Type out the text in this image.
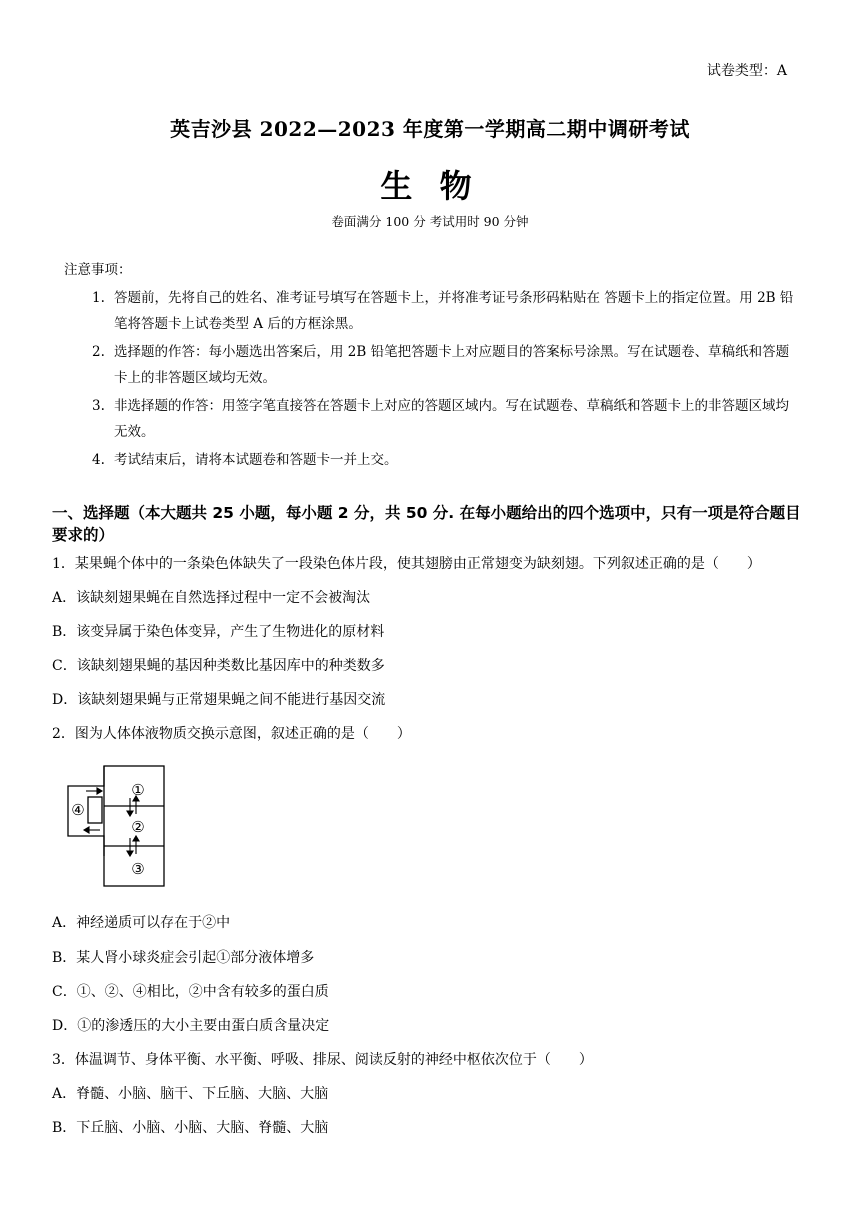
试卷类型：A
英吉沙县 2022—2023 年度第一学期高二期中调研考试
生 物
卷面满分 100 分 考试用时 90 分钟
注意事项：
1. 答题前，先将自己的姓名、准考证号填写在答题卡上，并将准考证号条形码粘贴在 答题卡上的指定位置。用 2B 铅笔将答题卡上试卷类型 A 后的方框涂黑。
2. 选择题的作答：每小题选出答案后，用 2B 铅笔把答题卡上对应题目的答案标号涂黑。写在试题卷、草稿纸和答题卡上的非答题区域均无效。
3. 非选择题的作答：用签字笔直接答在答题卡上对应的答题区域内。写在试题卷、草稿纸和答题卡上的非答题区域均无效。
4. 考试结束后，请将本试题卷和答题卡一并上交。
一、选择题（本大题共 25 小题，每小题 2 分，共 50 分. 在每小题给出的四个选项中，只有一项是符合题目要求的）
1．某果蝇个体中的一条染色体缺失了一段染色体片段，使其翅膀由正常翅变为缺刻翅。下列叙述正确的是（　　）
A．该缺刻翅果蝇在自然选择过程中一定不会被淘汰
B．该变异属于染色体变异，产生了生物进化的原材料
C．该缺刻翅果蝇的基因种类数比基因库中的种类数多
D．该缺刻翅果蝇与正常翅果蝇之间不能进行基因交流
2．图为人体体液物质交换示意图，叙述正确的是（　　）
①
②
③
④
A．神经递质可以存在于②中
B．某人肾小球炎症会引起①部分液体增多
C．①、②、④相比，②中含有较多的蛋白质
D．①的渗透压的大小主要由蛋白质含量决定
3．体温调节、身体平衡、水平衡、呼吸、排尿、阅读反射的神经中枢依次位于（　　）
A．脊髓、小脑、脑干、下丘脑、大脑、大脑
B．下丘脑、小脑、小脑、大脑、脊髓、大脑
